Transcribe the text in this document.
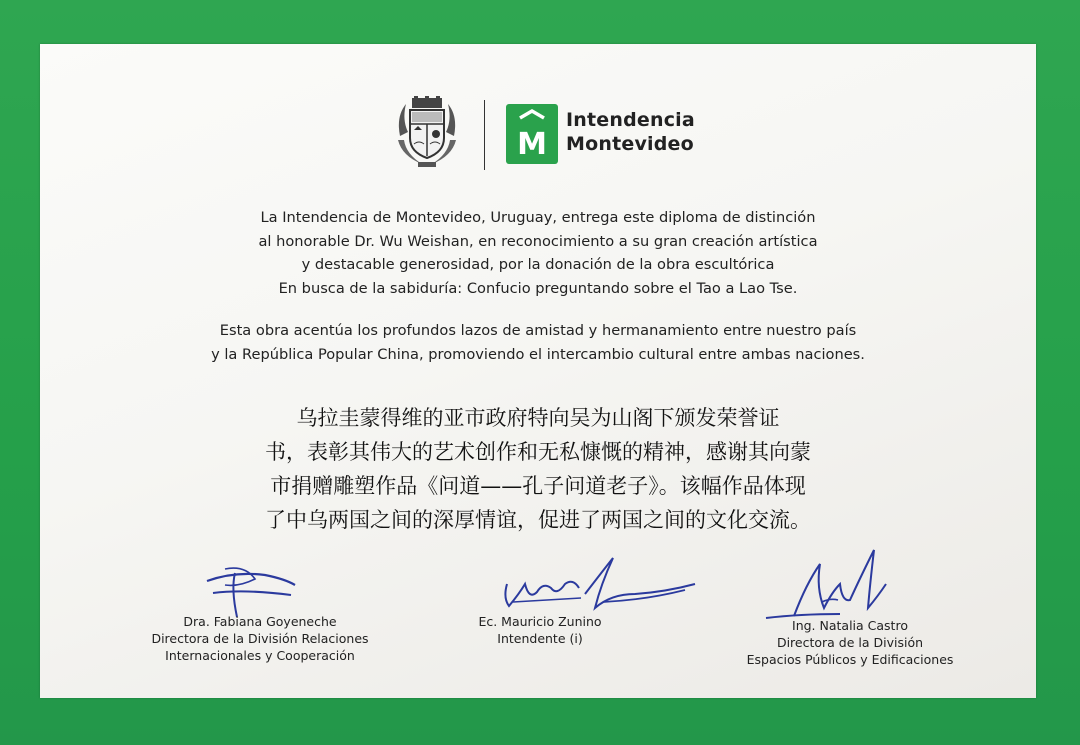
M
Intendencia
Montevideo
La Intendencia de Montevideo, Uruguay, entrega este diploma de distinción
al honorable Dr. Wu Weishan, en reconocimiento a su gran creación artística
y destacable generosidad, por la donación de la obra escultórica
En busca de la sabiduría: Confucio preguntando sobre el Tao a Lao Tse.
Esta obra acentúa los profundos lazos de amistad y hermanamiento entre nuestro país
y la República Popular China, promoviendo el intercambio cultural entre ambas naciones.
乌拉圭蒙得维的亚市政府特向吴为山阁下颁发荣誉证
书，表彰其伟大的艺术创作和无私慷慨的精神，感谢其向蒙
市捐赠雕塑作品《问道——孔子问道老子》。该幅作品体现
了中乌两国之间的深厚情谊，促进了两国之间的文化交流。
Dra. Fabiana Goyeneche
Directora de la División Relaciones
Internacionales y Cooperación
Ec. Mauricio Zunino
Intendente (i)
Ing. Natalia Castro
Directora de la División
Espacios Públicos y Edificaciones
